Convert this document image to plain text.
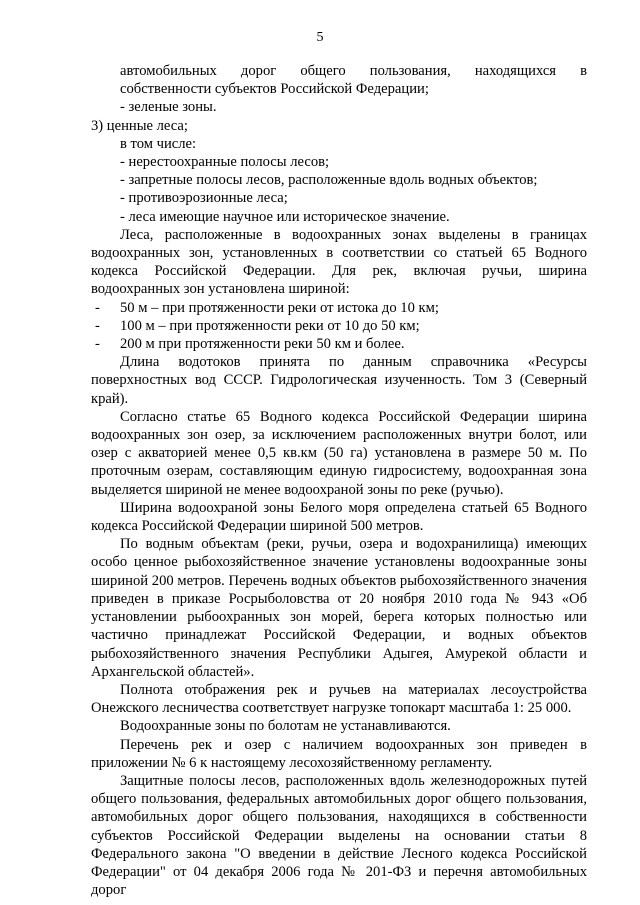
5
автомобильных дорог общего пользования, находящихся в
собственности субъектов Российской Федерации;
- зеленые зоны.
3) ценные леса;
в том числе:
- нерестоохранные полосы лесов;
- запретные полосы лесов, расположенные вдоль водных объектов;
- противоэрозионные леса;
- леса имеющие научное или историческое значение.

Леса, расположенные в водоохранных зонах выделены в границах водоохранных зон, установленных в соответствии со статьей 65 Водного кодекса Российской Федерации. Для рек, включая ручьи, ширина водоохранных зон установлена шириной:

-	50 м – при протяженности реки от истока до 10 км;
-	100 м – при протяженности реки от 10 до 50 км;
-	200 м при протяженности реки 50 км и более.

Длина водотоков принята по данным справочника «Ресурсы поверхностных вод СССР. Гидрологическая изученность. Том 3 (Северный край).

Согласно статье 65 Водного кодекса Российской Федерации ширина водоохранных зон озер, за исключением расположенных внутри болот, или озер с акваторией менее 0,5 кв.км (50 га) установлена в размере 50 м. По проточным озерам, составляющим единую гидросистему, водоохранная зона выделяется шириной не менее водоохраной зоны по реке (ручью).

Ширина водоохраной зоны Белого моря определена статьей 65 Водного кодекса Российской Федерации шириной 500 метров.

По водным объектам (реки, ручьи, озера и водохранилища) имеющих особо ценное рыбохозяйственное значение установлены водоохранные зоны шириной 200 метров. Перечень водных объектов рыбохозяйственного значения приведен в приказе Росрыболовства от 20 ноября 2010 года № 943 «Об установлении рыбоохранных зон морей, берега которых полностью или частично принадлежат Российской Федерации, и водных объектов рыбохозяйственного значения Республики Адыгея, Амурекой области и Архангельской областей».

Полнота отображения рек и ручьев на материалах лесоустройства Онежского лесничества соответствует нагрузке топокарт масштаба 1: 25 000.

Водоохранные зоны по болотам не устанавливаются.

Перечень рек и озер с наличием водоохранных зон приведен в приложении № 6 к настоящему лесохозяйственному регламенту.

Защитные полосы лесов, расположенных вдоль железнодорожных путей общего пользования, федеральных автомобильных дорог общего пользования, автомобильных дорог общего пользования, находящихся в собственности субъектов Российской Федерации выделены на основании статьи 8 Федерального закона "О введении в действие Лесного кодекса Российской Федерации" от 04 декабря 2006 года № 201-ФЗ и перечня автомобильных дорог
